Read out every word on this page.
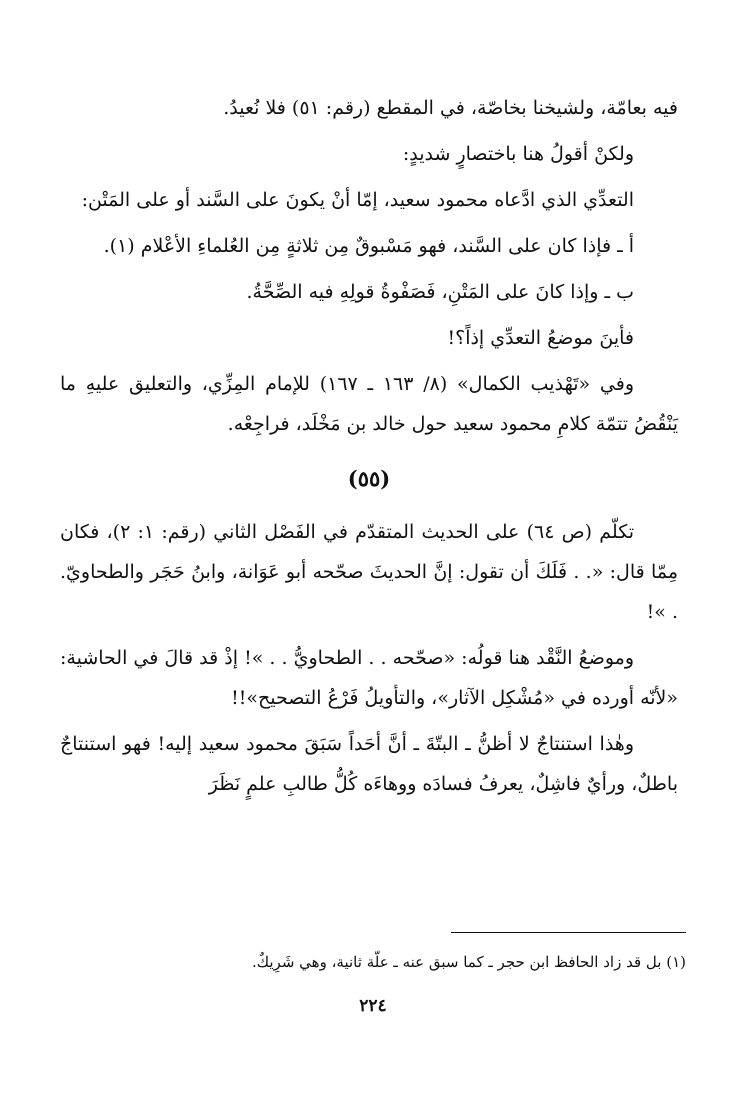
فيه بعامّة، ولشيخنا بخاصّة، في المقطع (رقم: ٥١) فلا نُعيدُ.

ولكنْ أقولُ هنا باختصارٍ شديدٍ:

التعدِّي الذي ادَّعاه محمود سعيد، إمّا أنْ يكونَ على السَّند أو على المَتْن:

أ ـ فإذا كان على السَّند، فهو مَسْبوقٌ مِن ثلاثةٍ مِن العُلماءِ الأعْلام (١).

ب ـ وإذا كانَ على المَتْنِ، فَصَفْوةُ قولِهِ فيه الصِّحَّةُ.

فأينَ موضعُ التعدِّي إذاً؟!

وفي «تَهْذيب الكمال» (٨/ ١٦٣ ـ ١٦٧) للإمام المِزِّي، والتعليق عليهِ ما يَنْقُضُ تتمّة كلامِ محمود سعيد حول خالد بن مَخْلَد، فراجِعْه.

(٥٥)

تكلّم (ص ٦٤) على الحديث المتقدّم في الفَصْل الثاني (رقم: ١: ٢)، فكان مِمّا قال: «. . فَلَكَ أن تقول: إنَّ الحديثَ صحّحه أبو عَوَانة، وابنُ حَجَر والطحاويّ. . »!

وموضعُ النَّقْد هنا قولُه: «صحّحه . . الطحاويُّ . . »! إذْ قد قالَ في الحاشية: «لأنّه أورده في «مُشْكِل الآثار»، والتأويلُ فَرْعُ التصحيح»!!

وهٰذا استنتاجٌ لا أظنُّ ـ البتّةَ ـ أنَّ أحَداً سَبَقَ محمود سعيد إليه! فهو استنتاجٌ باطلٌ، ورأيٌ فاشِلٌ، يعرفُ فسادَه ووهاءَه كُلُّ طالبِ علمٍ نَظَرَ

(١) بل قد زاد الحافظ ابن حجر ـ كما سبق عنه ـ علّة ثانية، وهي شَرِيكٌ.
٢٢٤
